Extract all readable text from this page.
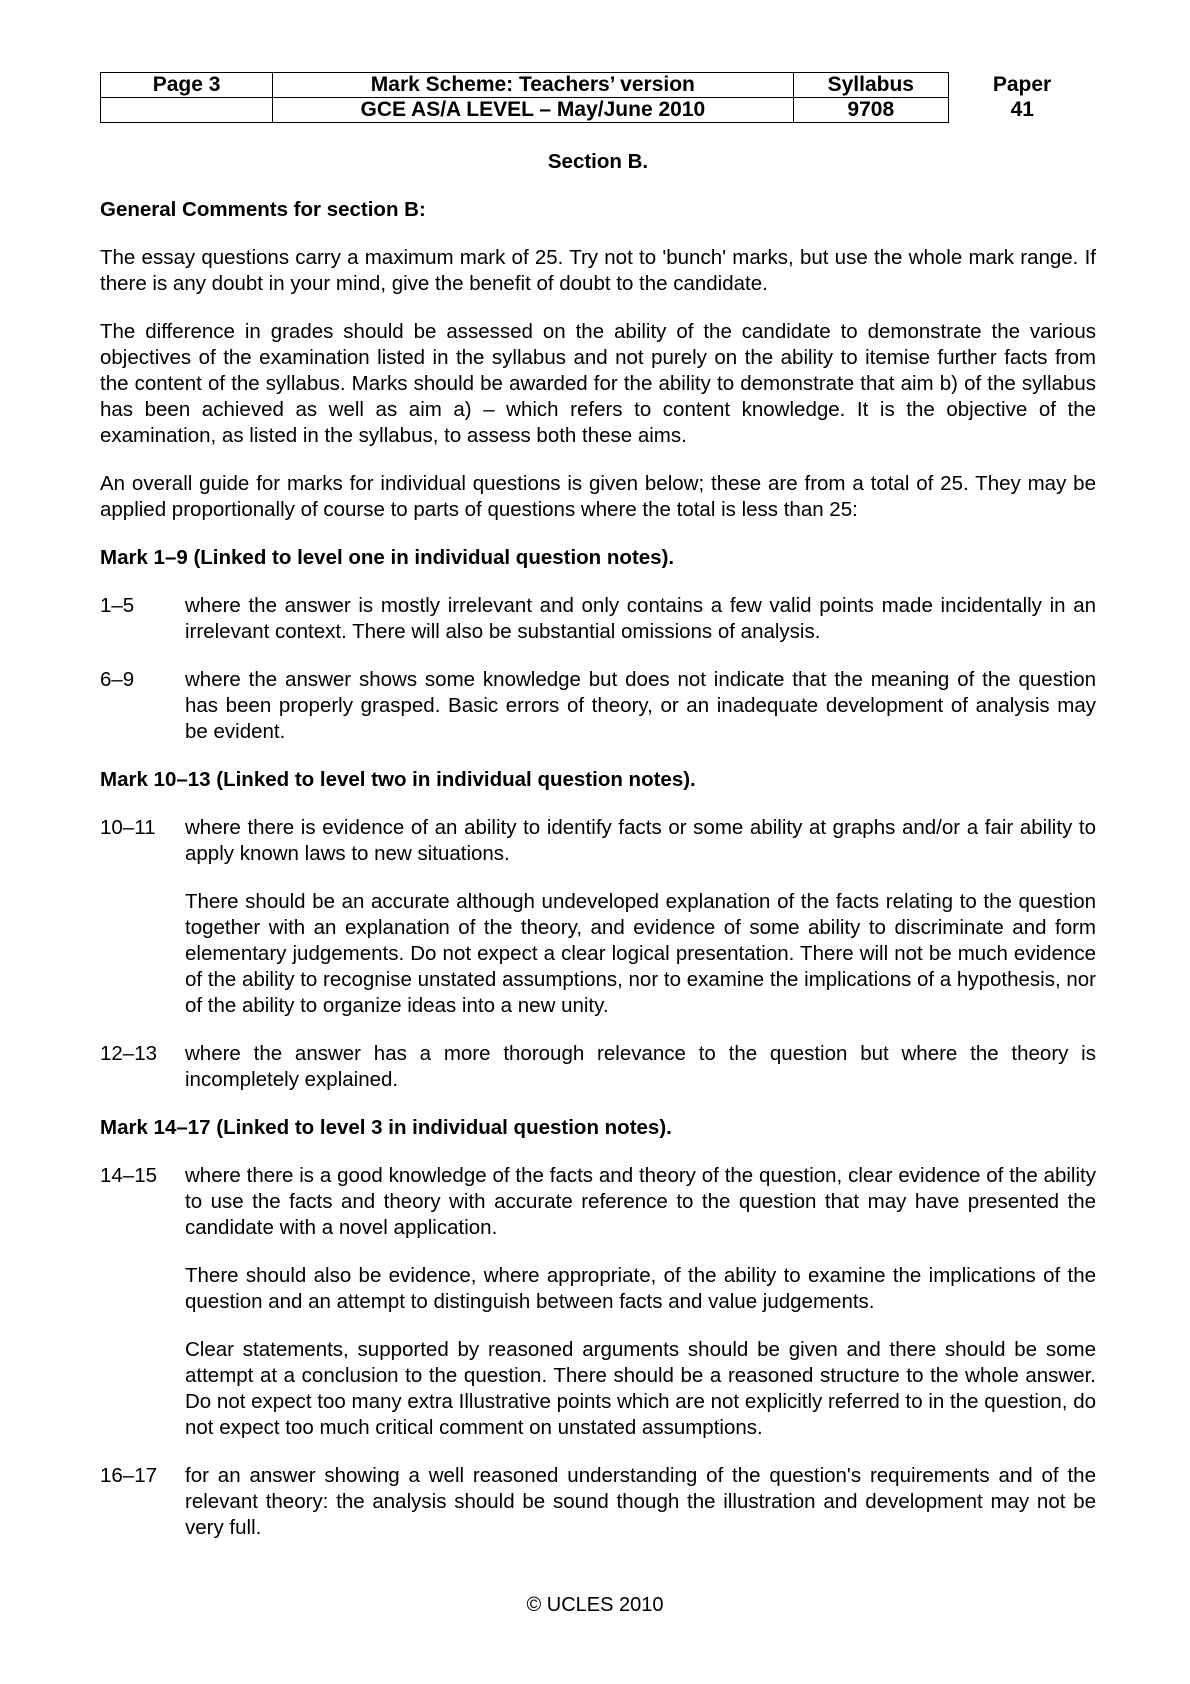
Page 3	Mark Scheme: Teachers’ version	Syllabus	Paper
	GCE AS/A LEVEL – May/June 2010	9708	41
Section B.
General Comments for section B:

The essay questions carry a maximum mark of 25. Try not to 'bunch' marks, but use the whole mark range. If there is any doubt in your mind, give the benefit of doubt to the candidate.

The difference in grades should be assessed on the ability of the candidate to demonstrate the various objectives of the examination listed in the syllabus and not purely on the ability to itemise further facts from the content of the syllabus. Marks should be awarded for the ability to demonstrate that aim b) of the syllabus has been achieved as well as aim a) – which refers to content knowledge. It is the objective of the examination, as listed in the syllabus, to assess both these aims.

An overall guide for marks for individual questions is given below; these are from a total of 25. They may be applied proportionally of course to parts of questions where the total is less than 25:

Mark 1–9 (Linked to level one in individual question notes).
1–5	where the answer is mostly irrelevant and only contains a few valid points made incidentally in an irrelevant context. There will also be substantial omissions of analysis.

6–9	where the answer shows some knowledge but does not indicate that the meaning of the question has been properly grasped. Basic errors of theory, or an inadequate development of analysis may be evident.

Mark 10–13 (Linked to level two in individual question notes).
10–11	where there is evidence of an ability to identify facts or some ability at graphs and/or a fair ability to apply known laws to new situations.

There should be an accurate although undeveloped explanation of the facts relating to the question together with an explanation of the theory, and evidence of some ability to discriminate and form elementary judgements. Do not expect a clear logical presentation. There will not be much evidence of the ability to recognise unstated assumptions, nor to examine the implications of a hypothesis, nor of the ability to organize ideas into a new unity.

12–13	where the answer has a more thorough relevance to the question but where the theory is incompletely explained.

Mark 14–17 (Linked to level 3 in individual question notes).
14–15	where there is a good knowledge of the facts and theory of the question, clear evidence of the ability to use the facts and theory with accurate reference to the question that may have presented the candidate with a novel application.

There should also be evidence, where appropriate, of the ability to examine the implications of the question and an attempt to distinguish between facts and value judgements.

Clear statements, supported by reasoned arguments should be given and there should be some attempt at a conclusion to the question. There should be a reasoned structure to the whole answer. Do not expect too many extra Illustrative points which are not explicitly referred to in the question, do not expect too much critical comment on unstated assumptions.

16–17	for an answer showing a well reasoned understanding of the question's requirements and of the relevant theory: the analysis should be sound though the illustration and development may not be very full.

© UCLES 2010
